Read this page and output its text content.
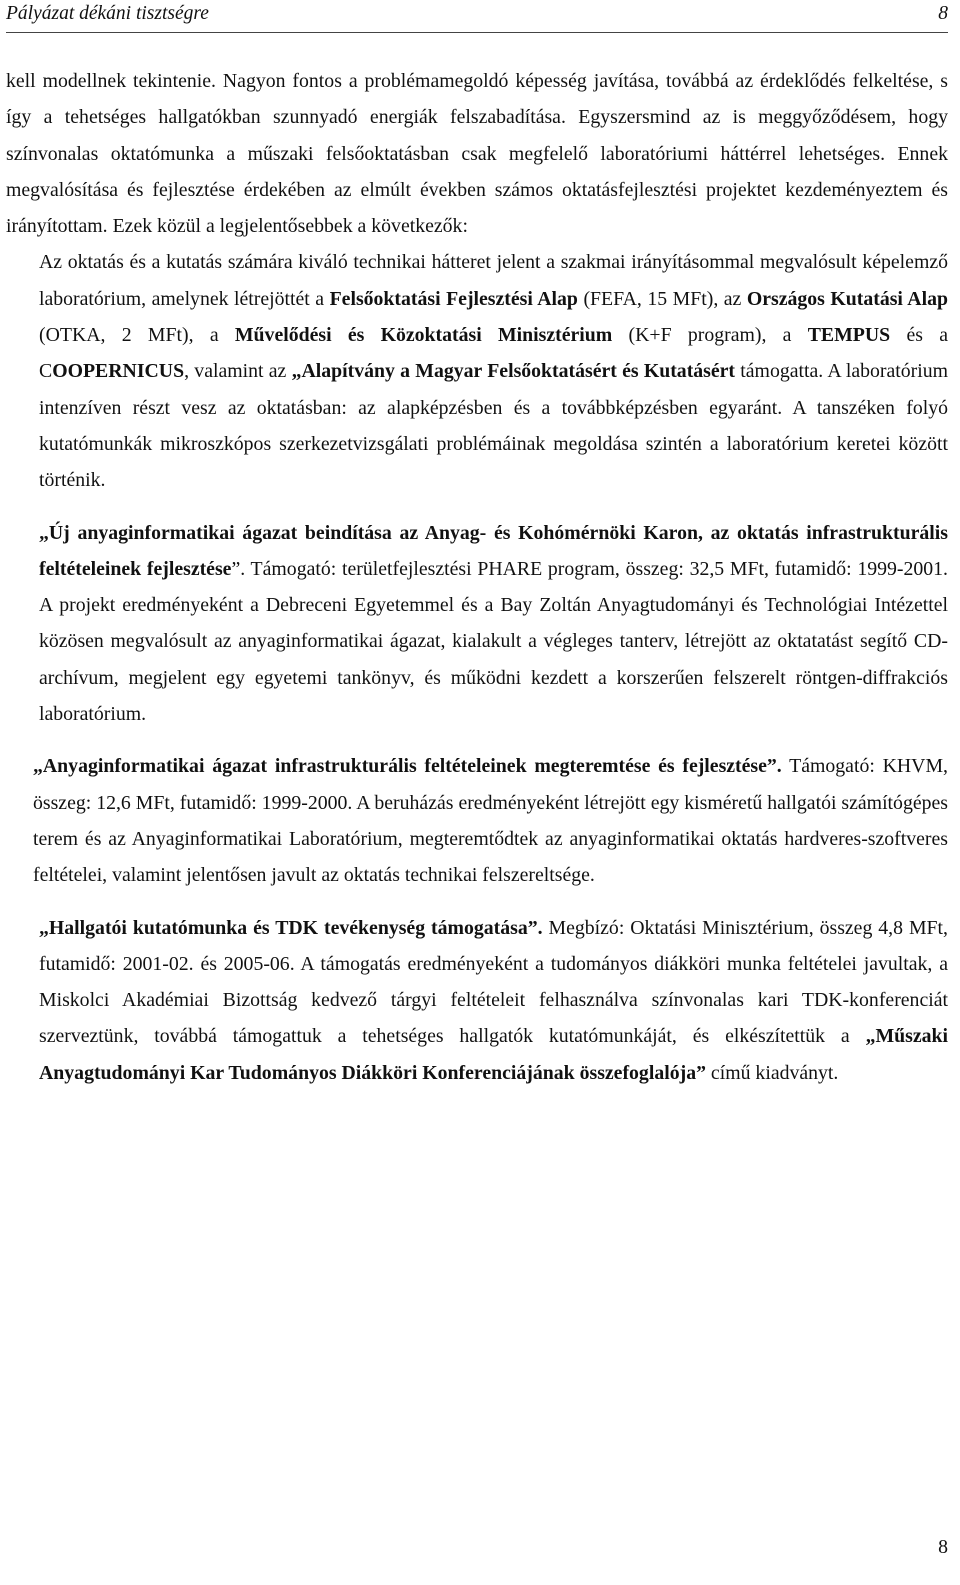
Pályázat dékáni tisztségre	8

kell modellnek tekintenie. Nagyon fontos a problémamegoldó képesség javítása, továbbá az érdeklődés felkeltése, s így a tehetséges hallgatókban szunnyadó energiák felszabadítása. Egyszersmind az is meggyőződésem, hogy színvonalas oktatómunka a műszaki felsőoktatásban csak megfelelő laboratóriumi háttérrel lehetséges. Ennek megvalósítása és fejlesztése érdekében az elmúlt években számos oktatásfejlesztési projektet kezdeményeztem és irányítottam. Ezek közül a legjelentősebbek a következők:

Az oktatás és a kutatás számára kiváló technikai hátteret jelent a szakmai irányításommal megvalósult képelemző laboratórium, amelynek létrejöttét a Felsőoktatási Fejlesztési Alap (FEFA, 15 MFt), az Országos Kutatási Alap (OTKA, 2 MFt), a Művelődési és Közoktatási Minisztérium (K+F program), a TEMPUS és a COOPERNICUS, valamint az „Alapítvány a Magyar Felsőoktatásért és Kutatásért támogatta. A laboratórium intenzíven részt vesz az oktatásban: az alapképzésben és a továbbképzésben egyaránt. A tanszéken folyó kutatómunkák mikroszkópos szerkezetvizsgálati problémáinak megoldása szintén a laboratórium keretei között történik.

„Új anyaginformatikai ágazat beindítása az Anyag- és Kohómérnöki Karon, az oktatás infrastrukturális feltételeinek fejlesztése”. Támogató: területfejlesztési PHARE program, összeg: 32,5 MFt, futamidő: 1999-2001. A projekt eredményeként a Debreceni Egyetemmel és a Bay Zoltán Anyagtudományi és Technológiai Intézettel közösen megvalósult az anyaginformatikai ágazat, kialakult a végleges tanterv, létrejött az oktatatást segítő CD-archívum, megjelent egy egyetemi tankönyv, és működni kezdett a korszerűen felszerelt röntgen-diffrakciós laboratórium.

„Anyaginformatikai ágazat infrastrukturális feltételeinek megteremtése és fejlesztése”. Támogató: KHVM, összeg: 12,6 MFt, futamidő: 1999-2000. A beruházás eredményeként létrejött egy kisméretű hallgatói számítógépes terem és az Anyaginformatikai Laboratórium, megteremtődtek az anyaginformatikai oktatás hardveres-szoftveres feltételei, valamint jelentősen javult az oktatás technikai felszereltsége.

„Hallgatói kutatómunka és TDK tevékenység támogatása”. Megbízó: Oktatási Minisztérium, összeg 4,8 MFt, futamidő: 2001-02. és 2005-06. A támogatás eredményeként a tudományos diákköri munka feltételei javultak, a Miskolci Akadémiai Bizottság kedvező tárgyi feltételeit felhasználva színvonalas kari TDK-konferenciát szerveztünk, továbbá támogattuk a tehetséges hallgatók kutatómunkáját, és elkészítettük a „Műszaki Anyagtudományi Kar Tudományos Diákköri Konferenciájának összefoglalója” című kiadványt.

8
